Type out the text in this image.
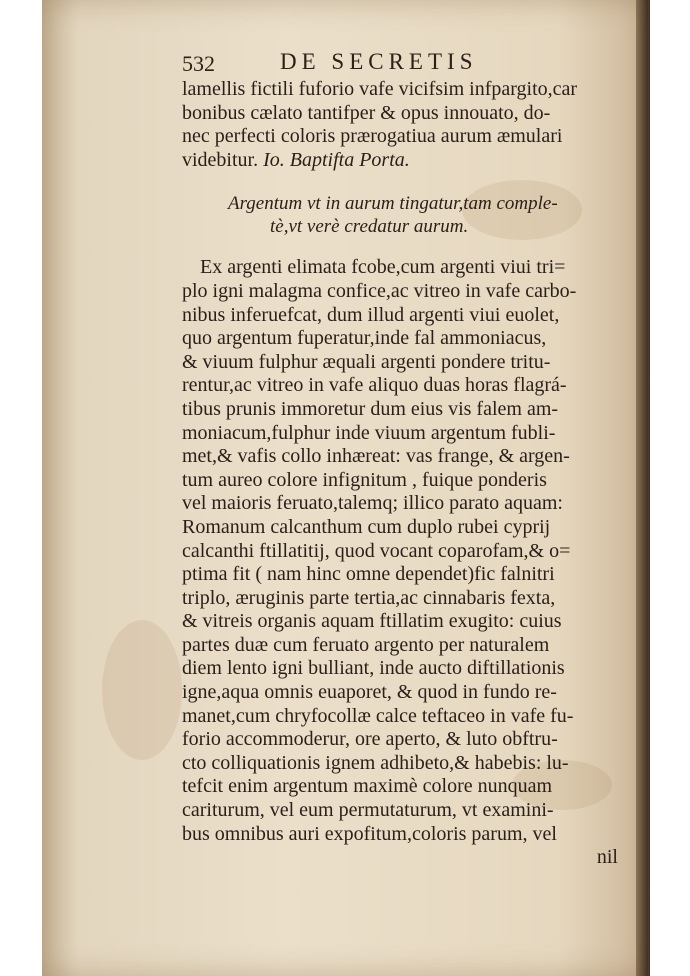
532	DE SECRETIS
lamellis fictili fuforio vafe vicifsim infpargito,car
bonibus cælato tantifper & opus innouato, do-
nec perfecti coloris prærogatiua aurum æmulari
videbitur. Io. Baptifta Porta.
Argentum vt in aurum tingatur,tam comple-
tè,vt verè credatur aurum.
Ex argenti elimata fcobe,cum argenti viui tri=
plo igni malagma confice,ac vitreo in vafe carbo-
nibus inferuefcat, dum illud argenti viui euolet,
quo argentum fuperatur,inde fal ammoniacus,
& viuum fulphur æquali argenti pondere tritu-
rentur,ac vitreo in vafe aliquo duas horas flagrá-
tibus prunis immoretur dum eius vis falem am-
moniacum,fulphur inde viuum argentum fubli-
met,& vafis collo inhæreat: vas frange, & argen-
tum aureo colore infignitum , fuique ponderis
vel maioris feruato,talemq; illico parato aquam:
Romanum calcanthum cum duplo rubei cyprij
calcanthi ftillatitij, quod vocant coparofam,& o=
ptima fit ( nam hinc omne dependet)fic falnitri
triplo, æruginis parte tertia,ac cinnabaris fexta,
& vitreis organis aquam ftillatim exugito: cuius
partes duæ cum feruato argento per naturalem
diem lento igni bulliant, inde aucto diftillationis
igne,aqua omnis euaporet, & quod in fundo re-
manet,cum chryfocollæ calce teftaceo in vafe fu-
forio accommoderur, ore aperto, & luto obftru-
cto colliquationis ignem adhibeto,& habebis: lu-
tefcit enim argentum maximè colore nunquam
cariturum, vel eum permutaturum, vt examini-
bus omnibus auri expofitum,coloris parum, vel
nil
